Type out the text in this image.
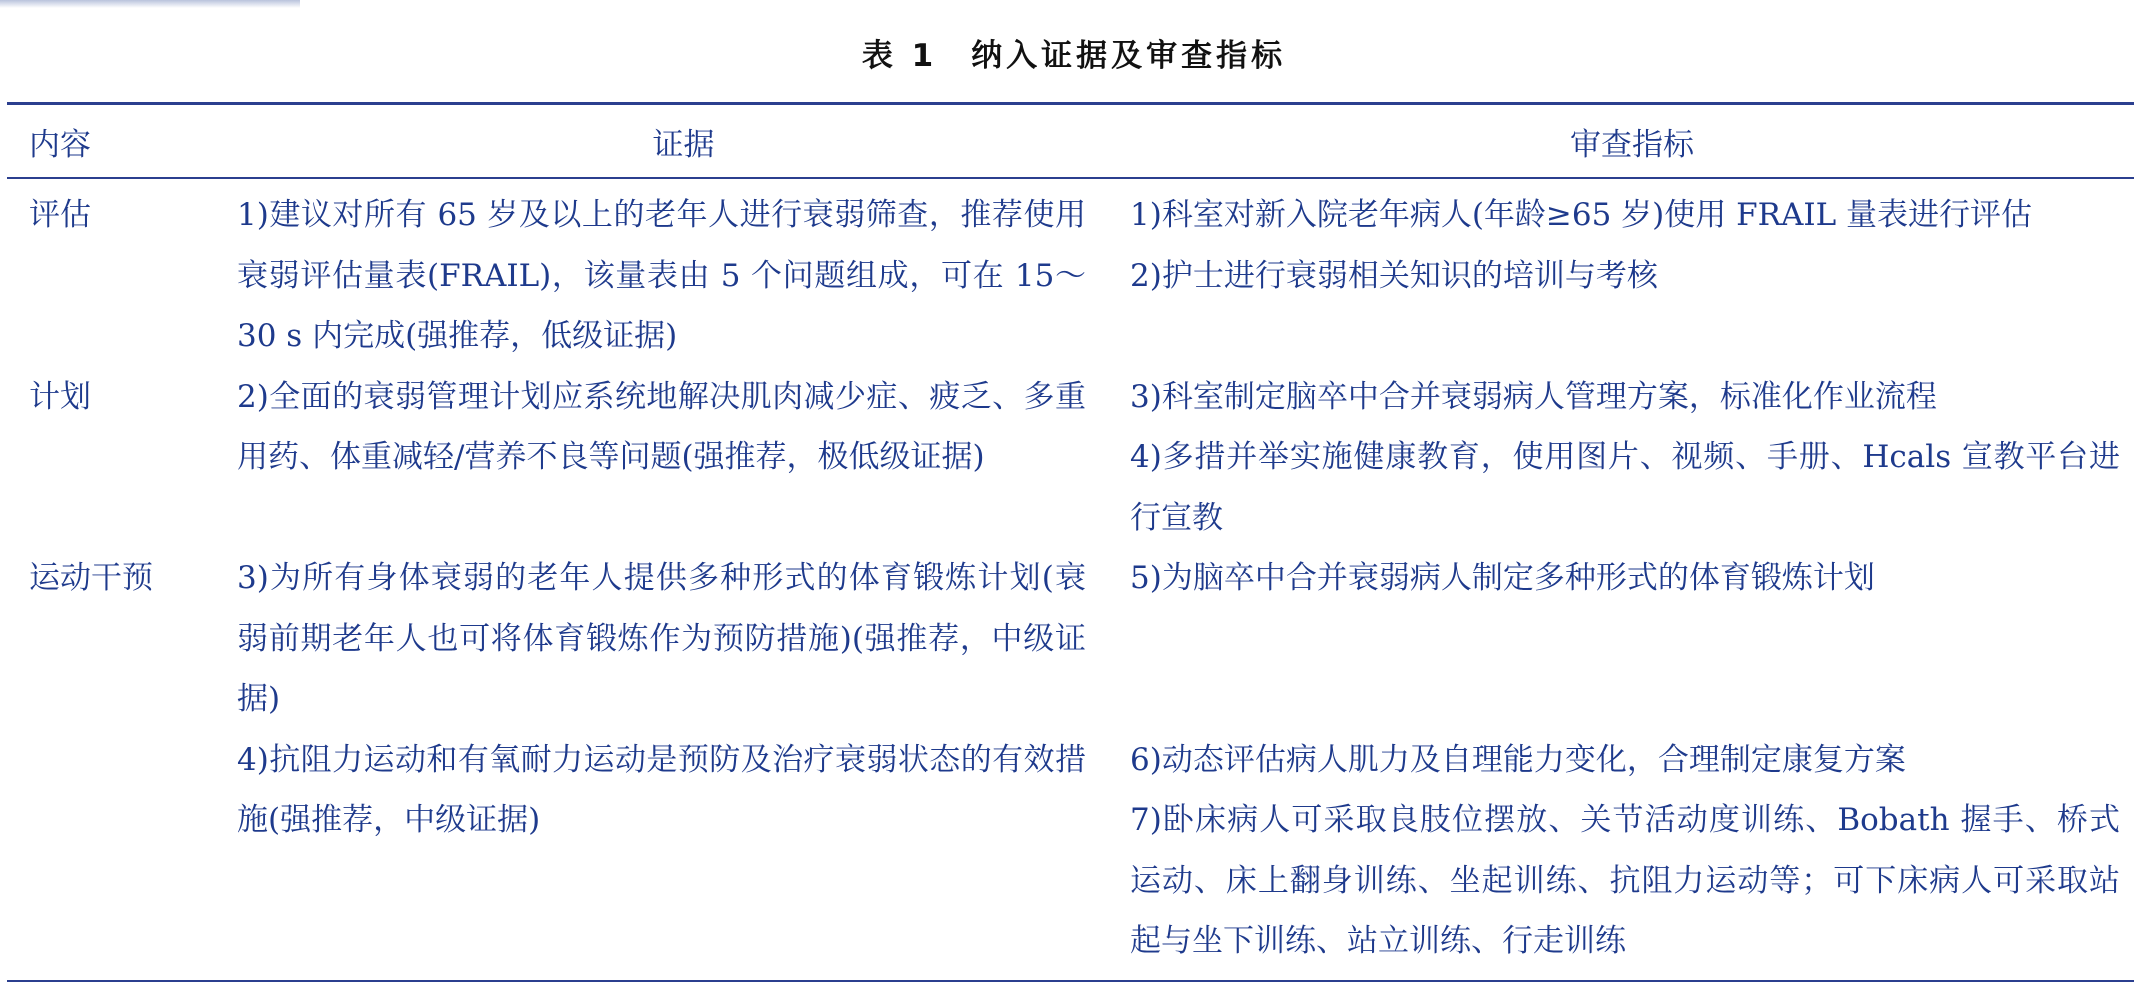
表 1 纳入证据及审查指标
内容	证据	审查指标
评估	1)建议对所有 65 岁及以上的老年人进行衰弱筛查，推荐使用衰弱评估量表(FRAIL)，该量表由 5 个问题组成，可在 15～30 s 内完成(强推荐，低级证据)	1)科室对新入院老年病人(年龄≥65 岁)使用 FRAIL 量表进行评估
2)护士进行衰弱相关知识的培训与考核

计划	2)全面的衰弱管理计划应系统地解决肌肉减少症、疲乏、多重用药、体重减轻/营养不良等问题(强推荐，极低级证据)	3)科室制定脑卒中合并衰弱病人管理方案，标准化作业流程
4)多措并举实施健康教育，使用图片、视频、手册、Hcals 宣教平台进行宣教

运动干预	3)为所有身体衰弱的老年人提供多种形式的体育锻炼计划(衰弱前期老年人也可将体育锻炼作为预防措施)(强推荐，中级证据)	5)为脑卒中合并衰弱病人制定多种形式的体育锻炼计划

	4)抗阻力运动和有氧耐力运动是预防及治疗衰弱状态的有效措施(强推荐，中级证据)	6)动态评估病人肌力及自理能力变化，合理制定康复方案
7)卧床病人可采取良肢位摆放、关节活动度训练、Bobath 握手、桥式运动、床上翻身训练、坐起训练、抗阻力运动等；可下床病人可采取站起与坐下训练、站立训练、行走训练
